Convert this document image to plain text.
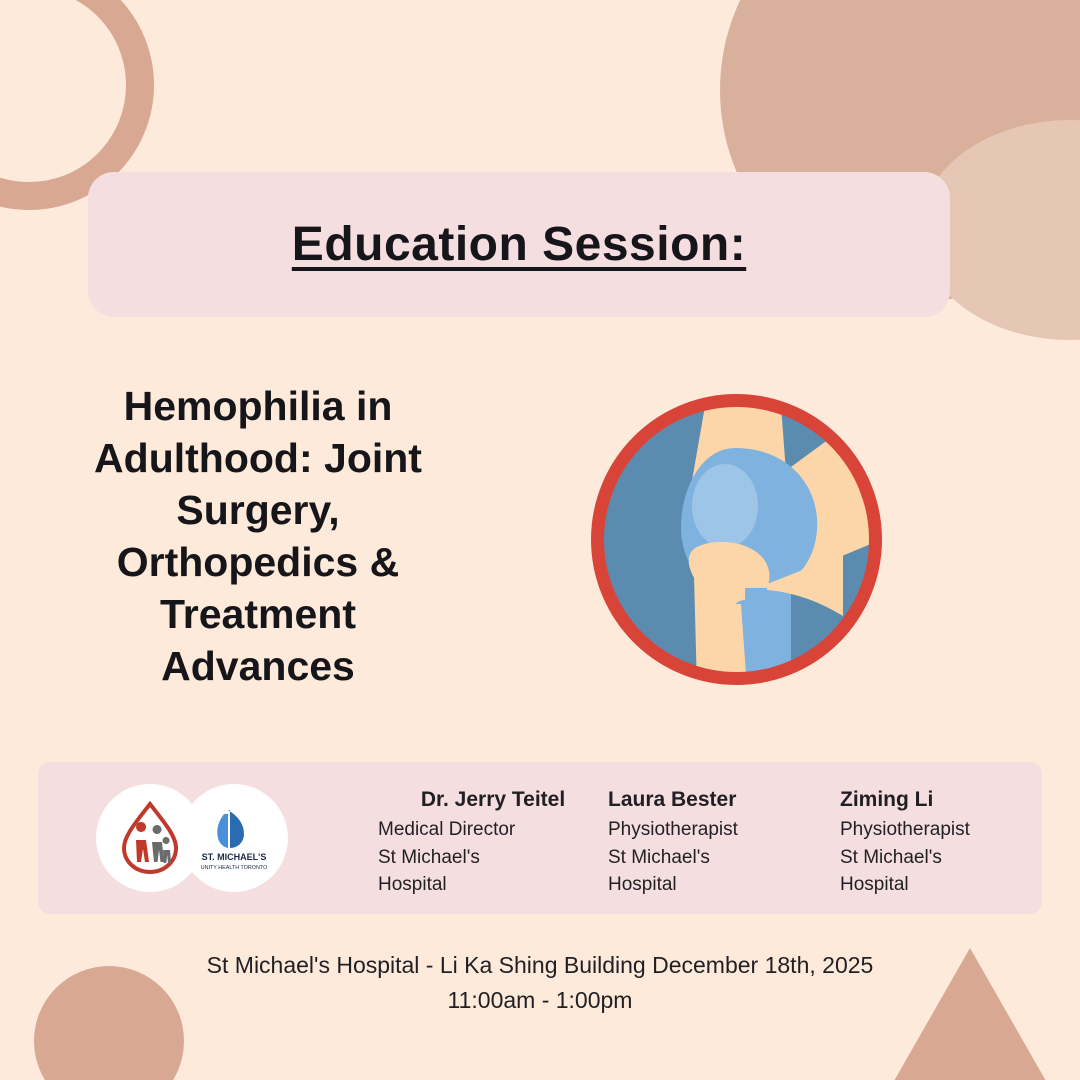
Education Session:
Hemophilia in Adulthood: Joint Surgery, Orthopedics & Treatment Advances
ST. MICHAEL'S
UNITY HEALTH TORONTO
Dr. Jerry Teitel
Medical Director
St Michael's
Hospital
Laura Bester
Physiotherapist
St Michael's
Hospital
Ziming Li
Physiotherapist
St Michael's
Hospital
St Michael's Hospital - Li Ka Shing Building December 18th, 2025
11:00am - 1:00pm
